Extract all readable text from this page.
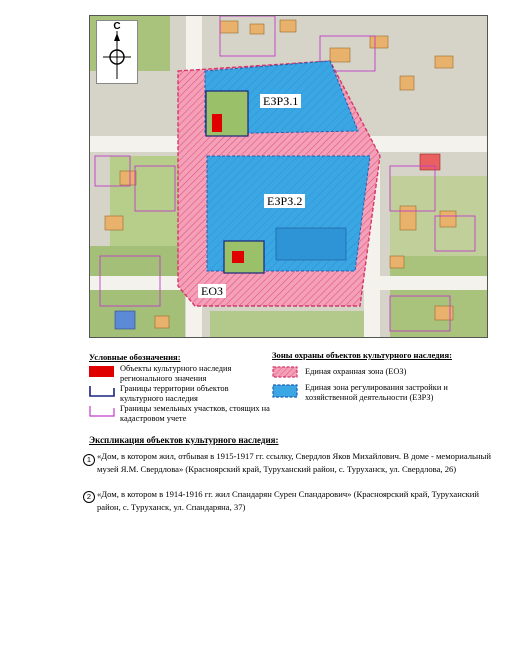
С
ЕЗРЗ.1
ЕЗРЗ.2
ЕОЗ
Условные обозначения:
Объекты культурного наследия регионального значения
Границы территории объектов культурного наследия
Границы земельных участков, стоящих на кадастровом учете
Зоны охраны объектов культурного наследия:
Единая охранная зона (ЕОЗ)
Единая зона регулирования застройки и хозяйственной деятельности (ЕЗРЗ)
Экспликация объектов культурного наследия:
1 «Дом, в котором жил, отбывая в 1915-1917 гг. ссылку, Свердлов Яков Михайлович. В доме - мемориальный музей Я.М. Свердлова» (Красноярский край, Туруханский район, с. Туруханск, ул. Свердлова, 26)
2 «Дом, в котором в 1914-1916 гг. жил Спандарян Сурен Спандарович» (Красноярский край, Туруханский район, с. Туруханск, ул. Спандаряна, 37)
